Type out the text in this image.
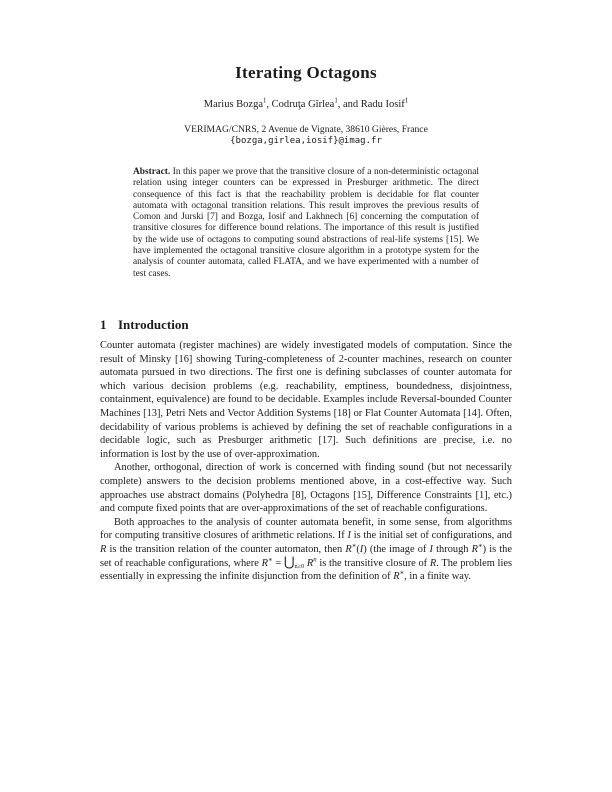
Iterating Octagons
Marius Bozga$^1$, Codruţa Gîrlea$^1$, and Radu Iosif$^1$
VERIMAG/CNRS, 2 Avenue de Vignate, 38610 Gières, France
{bozga,girlea,iosif}@imag.fr
Abstract. In this paper we prove that the transitive closure of a non-deterministic octagonal relation using integer counters can be expressed in Presburger arithmetic. The direct consequence of this fact is that the reachability problem is decidable for flat counter automata with octagonal transition relations. This result improves the previous results of Comon and Jurski [7] and Bozga, Iosif and Lakhnech [6] concerning the computation of transitive closures for difference bound relations. The importance of this result is justified by the wide use of octagons to computing sound abstractions of real-life systems [15]. We have implemented the octagonal transitive closure algorithm in a prototype system for the analysis of counter automata, called FLATA, and we have experimented with a number of test cases.
1 Introduction

Counter automata (register machines) are widely investigated models of computation. Since the result of Minsky [16] showing Turing-completeness of 2-counter machines, research on counter automata pursued in two directions. The first one is defining subclasses of counter automata for which various decision problems (e.g. reachability, emptiness, boundedness, disjointness, containment, equivalence) are found to be decidable. Examples include Reversal-bounded Counter Machines [13], Petri Nets and Vector Addition Systems [18] or Flat Counter Automata [14]. Often, decidability of various problems is achieved by defining the set of reachable configurations in a decidable logic, such as Presburger arithmetic [17]. Such definitions are precise, i.e. no information is lost by the use of over-approximation.

Another, orthogonal, direction of work is concerned with finding sound (but not necessarily complete) answers to the decision problems mentioned above, in a cost-effective way. Such approaches use abstract domains (Polyhedra [8], Octagons [15], Difference Constraints [1], etc.) and compute fixed points that are over-approximations of the set of reachable configurations.

Both approaches to the analysis of counter automata benefit, in some sense, from algorithms for computing transitive closures of arithmetic relations. If I is the initial set of configurations, and R is the transition relation of the counter automaton, then R∗(I) (the image of I through R∗) is the set of reachable configurations, where R∗ = ⋃n≥0 $R^n$ is the transitive closure of R. The problem lies essentially in expressing the infinite disjunction from the definition of R∗, in a finite way.
